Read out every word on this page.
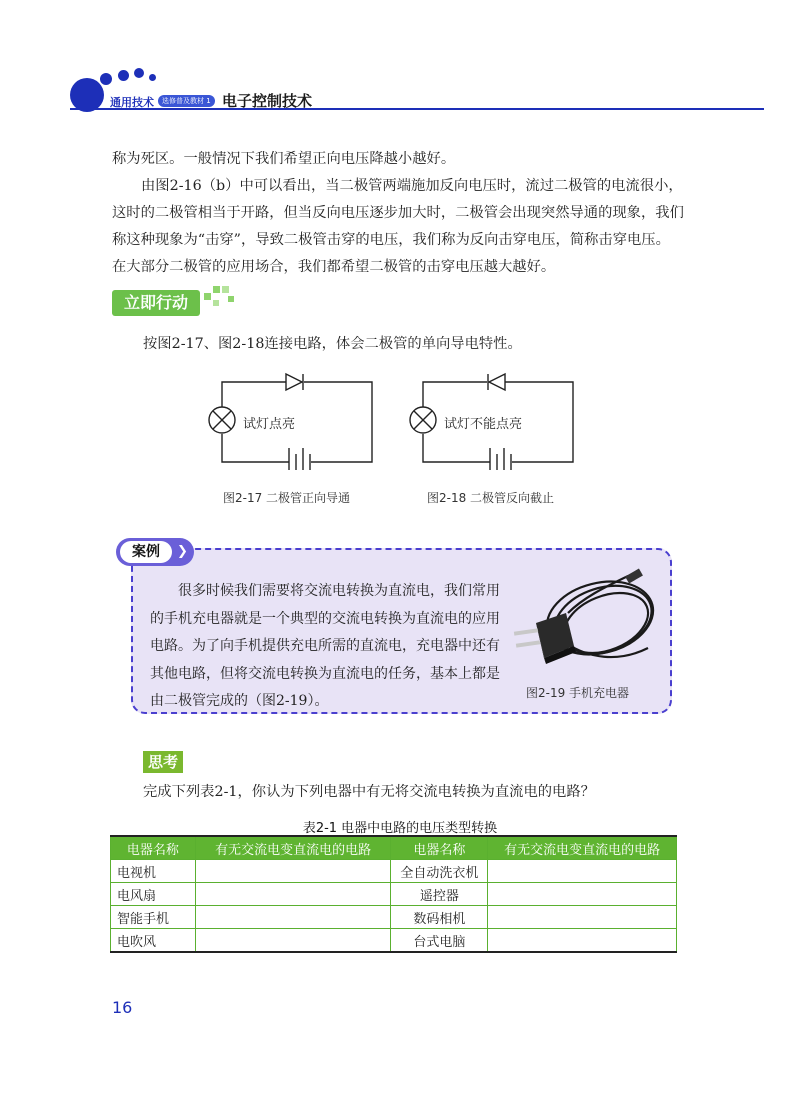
通用技术	选修普及教材 1 电子控制技术
称为死区。一般情况下我们希望正向电压降越小越好。
由图2-16（b）中可以看出，当二极管两端施加反向电压时，流过二极管的电流很小，这时的二极管相当于开路，但当反向电压逐步加大时，二极管会出现突然导通的现象，我们称这种现象为“击穿”，导致二极管击穿的电压，我们称为反向击穿电压，简称击穿电压。在大部分二极管的应用场合，我们都希望二极管的击穿电压越大越好。
立即行动
按图2-17、图2-18连接电路，体会二极管的单向导电特性。
试灯点亮	试灯不能点亮
图2-17 二极管正向导通	图2-18 二极管反向截止
案例	❯
很多时候我们需要将交流电转换为直流电，我们常用的手机充电器就是一个典型的交流电转换为直流电的应用电路。为了向手机提供充电所需的直流电，充电器中还有其他电路，但将交流电转换为直流电的任务，基本上都是由二极管完成的（图2-19）。	图2-19 手机充电器
思考
完成下列表2-1，你认为下列电器中有无将交流电转换为直流电的电路？
表2-1 电器中电路的电压类型转换
电器名称	有无交流电变直流电的电路	电器名称	有无交流电变直流电的电路
电视机		全自动洗衣机	
电风扇		遥控器	
智能手机		数码相机	
电吹风		台式电脑	
16
